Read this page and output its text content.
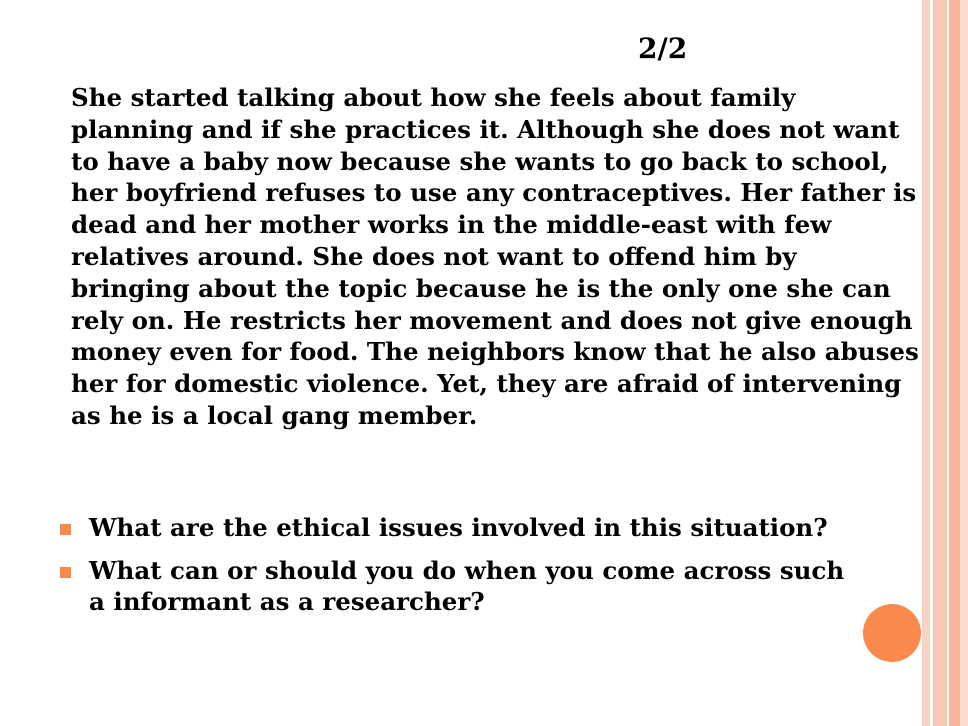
2/2

She started talking about how she feels about family planning and if she practices it. Although she does not want to have a baby now because she wants to go back to school, her boyfriend refuses to use any contraceptives. Her father is dead and her mother works in the middle-east with few relatives around. She does not want to offend him by bringing about the topic because he is the only one she can rely on. He restricts her movement and does not give enough money even for food. The neighbors know that he also abuses her for domestic violence. Yet, they are afraid of intervening as he is a local gang member.

What are the ethical issues involved in this situation?
What can or should you do when you come across such a informant as a researcher?
